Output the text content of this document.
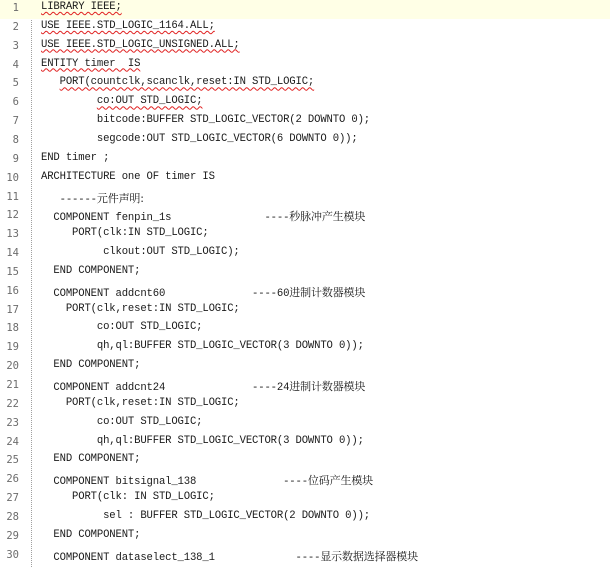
1 LIBRARY IEEE;
2 USE IEEE.STD_LOGIC_1164.ALL;
3 USE IEEE.STD_LOGIC_UNSIGNED.ALL;
4 ENTITY timer  IS
5	PORT(countclk,scanclk,reset:IN STD_LOGIC;
6	co:OUT STD_LOGIC;
7 bitcode:BUFFER STD_LOGIC_VECTOR(2 DOWNTO 0);
8 segcode:OUT STD_LOGIC_VECTOR(6 DOWNTO 0));
9 END timer ;
10 ARCHITECTURE one OF timer IS
11 ------元件声明:
12 COMPONENT fenpin_1s               ----秒脉冲产生模块
13 PORT(clk:IN STD_LOGIC;
14 clkout:OUT STD_LOGIC);
15 END COMPONENT;
16 COMPONENT addcnt60              ----60进制计数器模块
17 PORT(clk,reset:IN STD_LOGIC;
18 co:OUT STD_LOGIC;
19 qh,ql:BUFFER STD_LOGIC_VECTOR(3 DOWNTO 0));
20 END COMPONENT;
21 COMPONENT addcnt24              ----24进制计数器模块
22 PORT(clk,reset:IN STD_LOGIC;
23 co:OUT STD_LOGIC;
24 qh,ql:BUFFER STD_LOGIC_VECTOR(3 DOWNTO 0));
25 END COMPONENT;
26 COMPONENT bitsignal_138              ----位码产生模块
27 PORT(clk: IN STD_LOGIC;
28 sel : BUFFER STD_LOGIC_VECTOR(2 DOWNTO 0));
29 END COMPONENT;
30 COMPONENT dataselect_138_1             ----显示数据选择器模块
